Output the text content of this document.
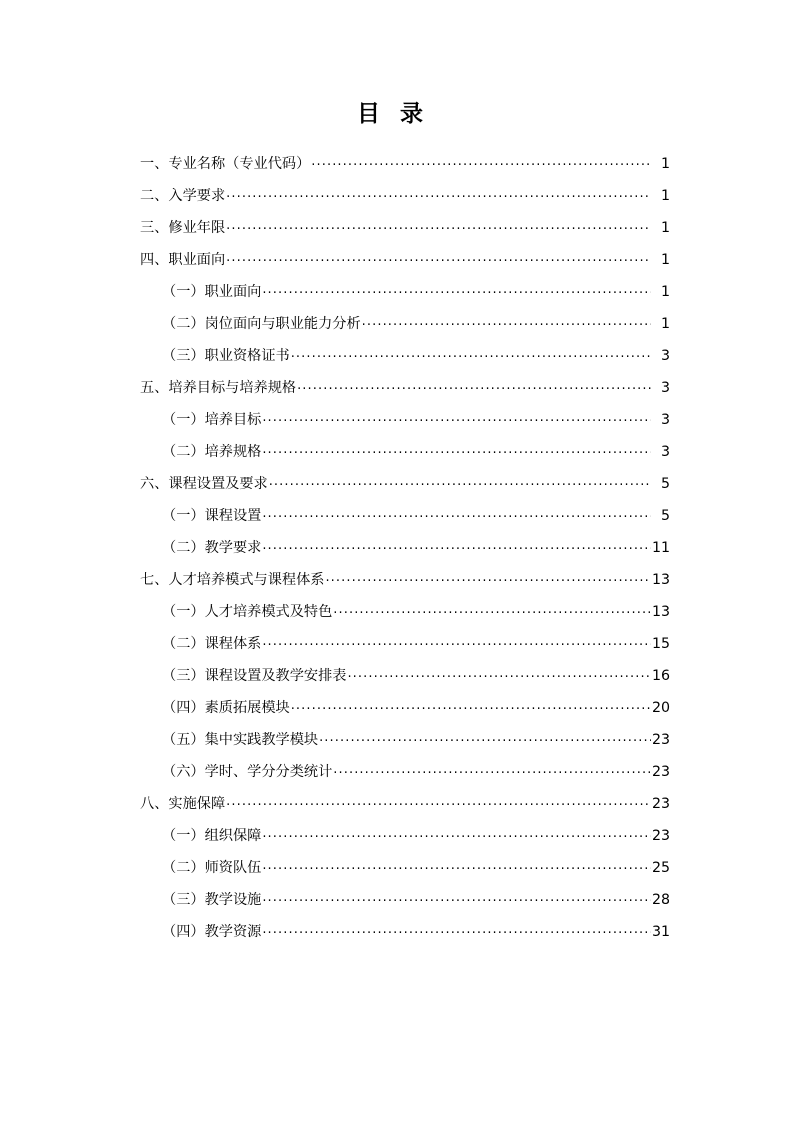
目 录
一、专业名称（专业代码） .....	1
二、入学要求 .....	1
三、修业年限 .....	1
四、职业面向 .....	1
（一）职业面向 .....	1
（二）岗位面向与职业能力分析 .....	1
（三）职业资格证书 .....	3
五、培养目标与培养规格 .....	3
（一）培养目标 .....	3
（二）培养规格 .....	3
六、课程设置及要求 .....	5
（一）课程设置 .....	5
（二）教学要求 .....	11
七、人才培养模式与课程体系 .....	13
（一）人才培养模式及特色 .....	13
（二）课程体系 .....	15
（三）课程设置及教学安排表 .....	16
（四）素质拓展模块 .....	20
（五）集中实践教学模块 .....	23
（六）学时、学分分类统计 .....	23
八、实施保障 .....	23
（一）组织保障 .....	23
（二）师资队伍 .....	25
（三）教学设施 .....	28
（四）教学资源 .....	31
